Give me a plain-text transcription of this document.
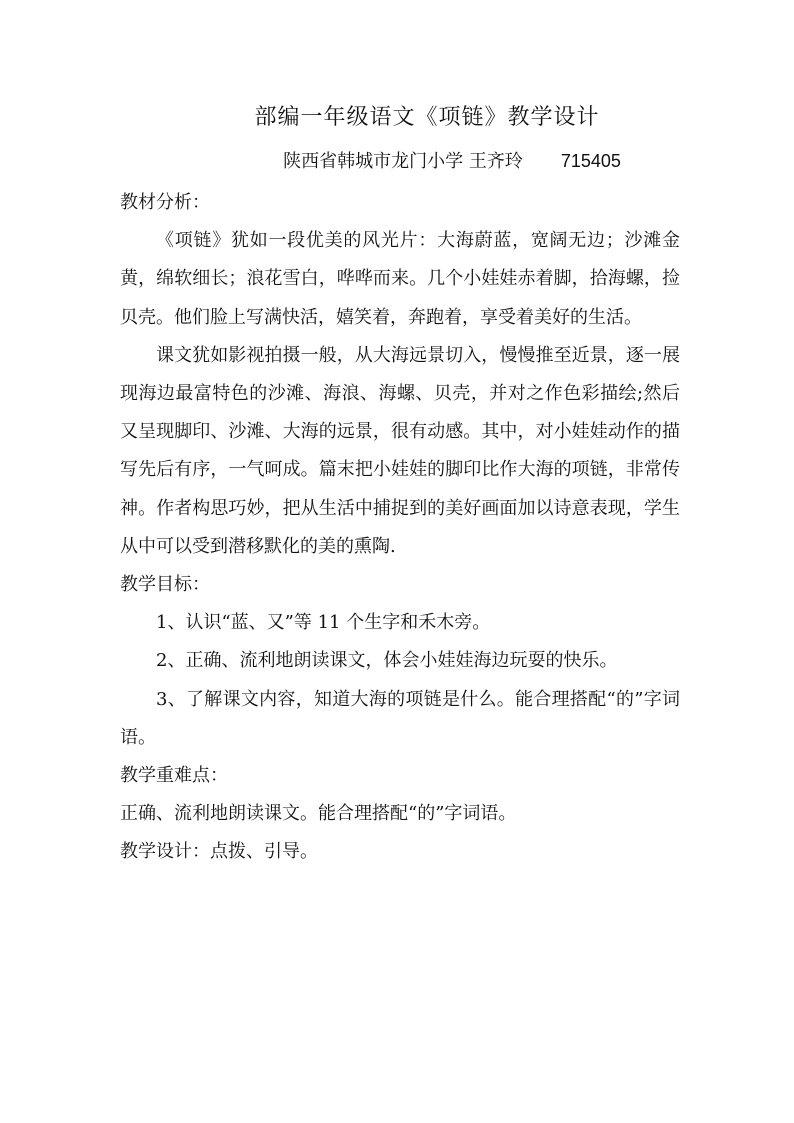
部编一年级语文《项链》教学设计
陕西省韩城市龙门小学 王齐玲 715405

教材分析：

《项链》犹如一段优美的风光片：大海蔚蓝，宽阔无边；沙滩金黄，绵软细长；浪花雪白，哗哗而来。几个小娃娃赤着脚，拾海螺，捡贝壳。他们脸上写满快活，嬉笑着，奔跑着，享受着美好的生活。

课文犹如影视拍摄一般，从大海远景切入，慢慢推至近景，逐一展现海边最富特色的沙滩、海浪、海螺、贝壳，并对之作色彩描绘;然后又呈现脚印、沙滩、大海的远景，很有动感。其中，对小娃娃动作的描写先后有序，一气呵成。篇末把小娃娃的脚印比作大海的项链，非常传神。作者构思巧妙，把从生活中捕捉到的美好画面加以诗意表现，学生从中可以受到潜移默化的美的熏陶.

教学目标：

1、认识“蓝、又”等 11 个生字和禾木旁。

2、正确、流利地朗读课文，体会小娃娃海边玩耍的快乐。

3、了解课文内容，知道大海的项链是什么。能合理搭配“的”字词语。

教学重难点：

正确、流利地朗读课文。能合理搭配“的”字词语。

教学设计：点拨、引导。
